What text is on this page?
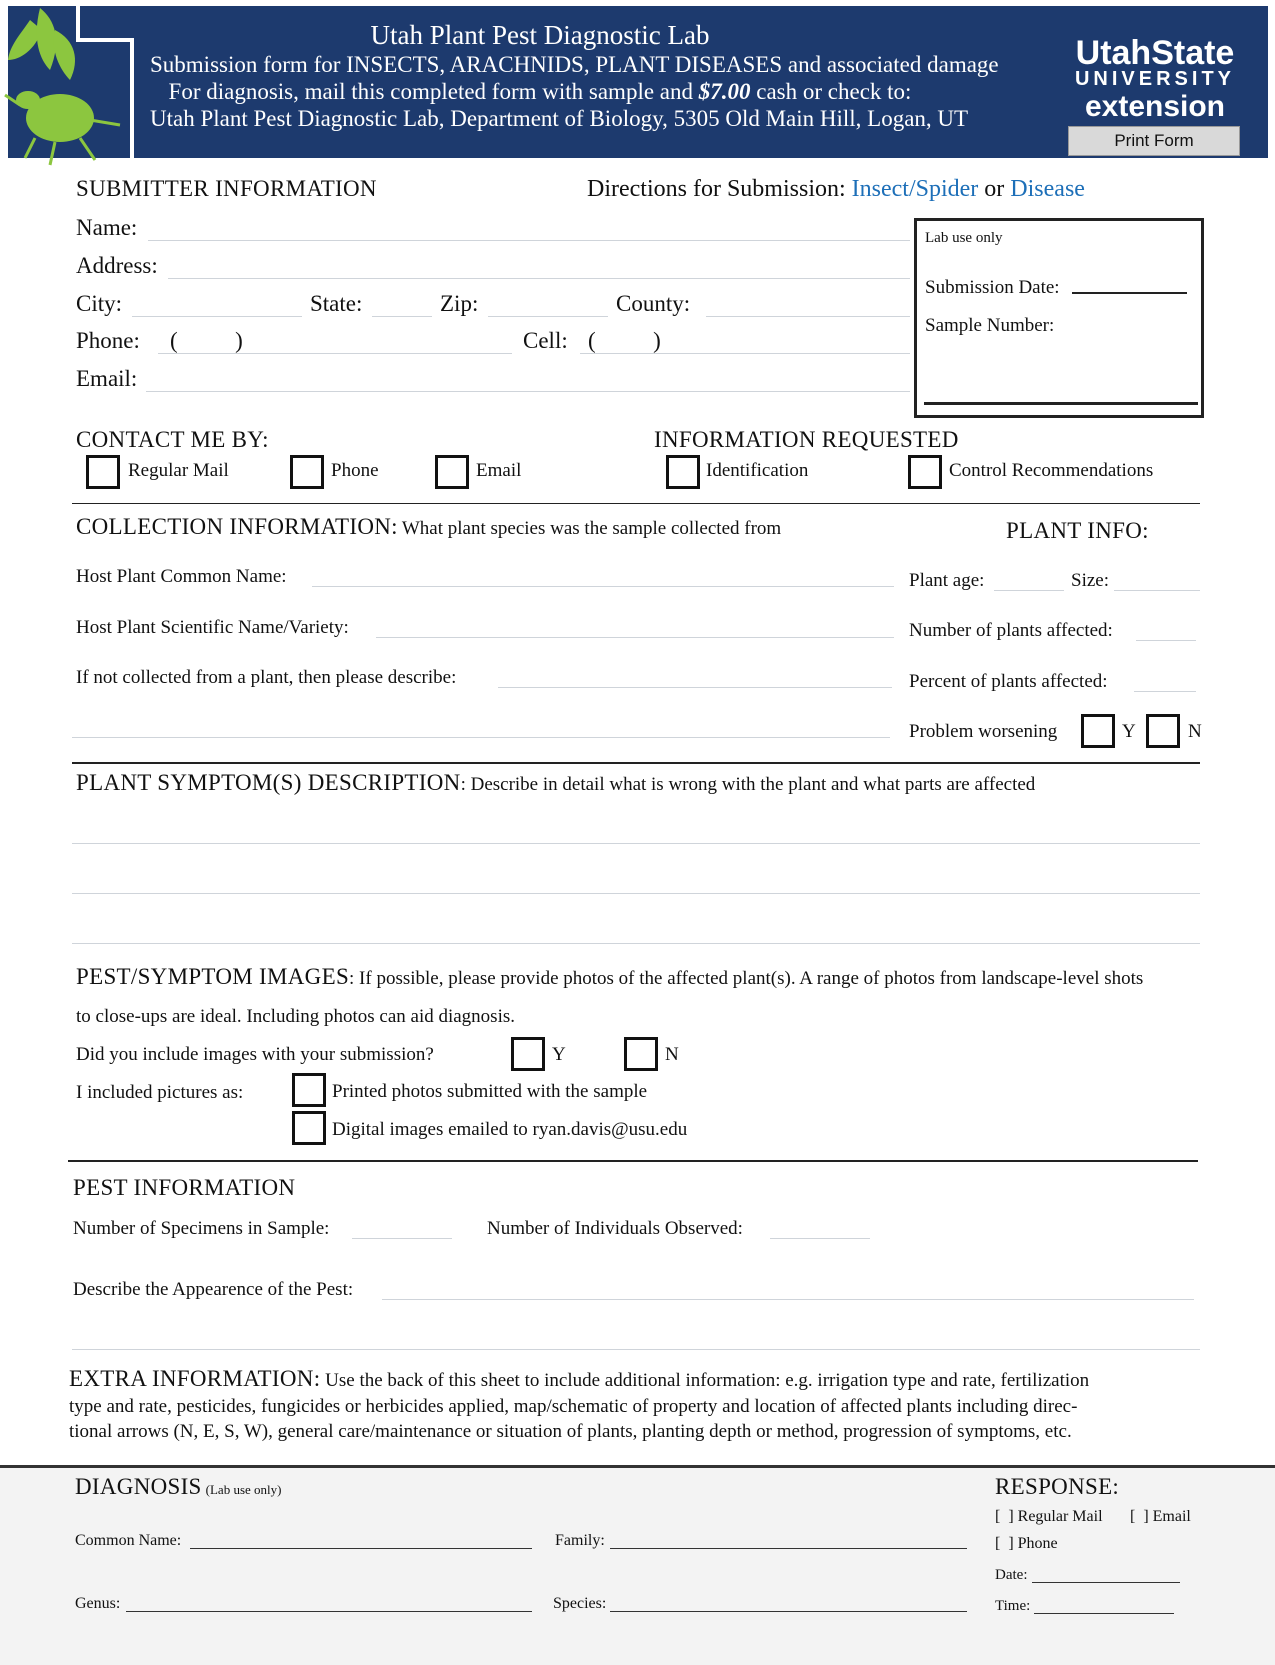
Utah Plant Pest Diagnostic Lab
Submission form for INSECTS, ARACHNIDS, PLANT DISEASES and associated damage
For diagnosis, mail this completed form with sample and $7.00 cash or check to:
Utah Plant Pest Diagnostic Lab, Department of Biology, 5305 Old Main Hill, Logan, UT
UtahState
UNIVERSITY
extension
Print Form
SUBMITTER INFORMATION	Directions for Submission: Insect/Spider or Disease
Name:
Address:
City:	State:	Zip:	County:
Phone: (          )	Cell: (          )
Email:
Lab use only
Submission Date:
Sample Number:
CONTACT ME BY:
Regular Mail	Phone	Email
INFORMATION REQUESTED
Identification	Control Recommendations
COLLECTION INFORMATION: What plant species was the sample collected from	PLANT INFO:
Host Plant Common Name:
Host Plant Scientific Name/Variety:
If not collected from a plant, then please describe:
Plant age:	Size:
Number of plants affected:
Percent of plants affected:
Problem worsening	Y	N
PLANT SYMPTOM(S) DESCRIPTION: Describe in detail what is wrong with the plant and what parts are affected
PEST/SYMPTOM IMAGES: If possible, please provide photos of the affected plant(s). A range of photos from landscape-level shots
to close-ups are ideal. Including photos can aid diagnosis.
Did you include images with your submission?	Y	N
I included pictures as:	Printed photos submitted with the sample
Digital images emailed to ryan.davis@usu.edu
PEST INFORMATION
Number of Specimens in Sample:	Number of Individuals Observed:
Describe the Appearence of the Pest:
EXTRA INFORMATION: Use the back of this sheet to include additional information: e.g. irrigation type and rate, fertilization
type and rate, pesticides, fungicides or herbicides applied, map/schematic of property and location of affected plants including direc-
tional arrows (N, E, S, W), general care/maintenance or situation of plants, planting depth or method, progression of symptoms, etc.
DIAGNOSIS (Lab use only)
Common Name:	Family:
Genus:	Species:
RESPONSE:
[  ] Regular Mail [  ] Email
[  ] Phone
Date:
Time:
